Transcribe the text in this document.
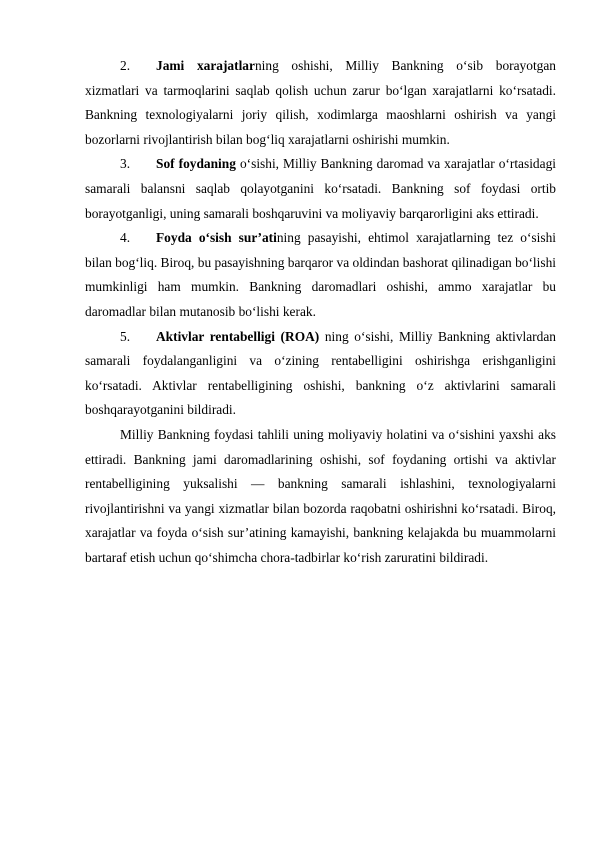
2. Jami xarajatlarning oshishi, Milliy Bankning o‘sib borayotgan xizmatlari va tarmoqlarini saqlab qolish uchun zarur bo‘lgan xarajatlarni ko‘rsatadi. Bankning texnologiyalarni joriy qilish, xodimlarga maoshlarni oshirish va yangi bozorlarni rivojlantirish bilan bog‘liq xarajatlarni oshirishi mumkin.

3. Sof foydaning o‘sishi, Milliy Bankning daromad va xarajatlar o‘rtasidagi samarali balansni saqlab qolayotganini ko‘rsatadi. Bankning sof foydasi ortib borayotganligi, uning samarali boshqaruvini va moliyaviy barqarorligini aks ettiradi.

4. Foyda o‘sish sur’atining pasayishi, ehtimol xarajatlarning tez o‘sishi bilan bog‘liq. Biroq, bu pasayishning barqaror va oldindan bashorat qilinadigan bo‘lishi mumkinligi ham mumkin. Bankning daromadlari oshishi, ammo xarajatlar bu daromadlar bilan mutanosib bo‘lishi kerak.

5. Aktivlar rentabelligi (ROA) ning o‘sishi, Milliy Bankning aktivlardan samarali foydalanganligini va o‘zining rentabelligini oshirishga erishganligini ko‘rsatadi. Aktivlar rentabelligining oshishi, bankning o‘z aktivlarini samarali boshqarayotganini bildiradi.

Milliy Bankning foydasi tahlili uning moliyaviy holatini va o‘sishini yaxshi aks ettiradi. Bankning jami daromadlarining oshishi, sof foydaning ortishi va aktivlar rentabelligining yuksalishi — bankning samarali ishlashini, texnologiyalarni rivojlantirishni va yangi xizmatlar bilan bozorda raqobatni oshirishni ko‘rsatadi. Biroq, xarajatlar va foyda o‘sish sur’atining kamayishi, bankning kelajakda bu muammolarni bartaraf etish uchun qo‘shimcha chora-tadbirlar ko‘rish zaruratini bildiradi.
